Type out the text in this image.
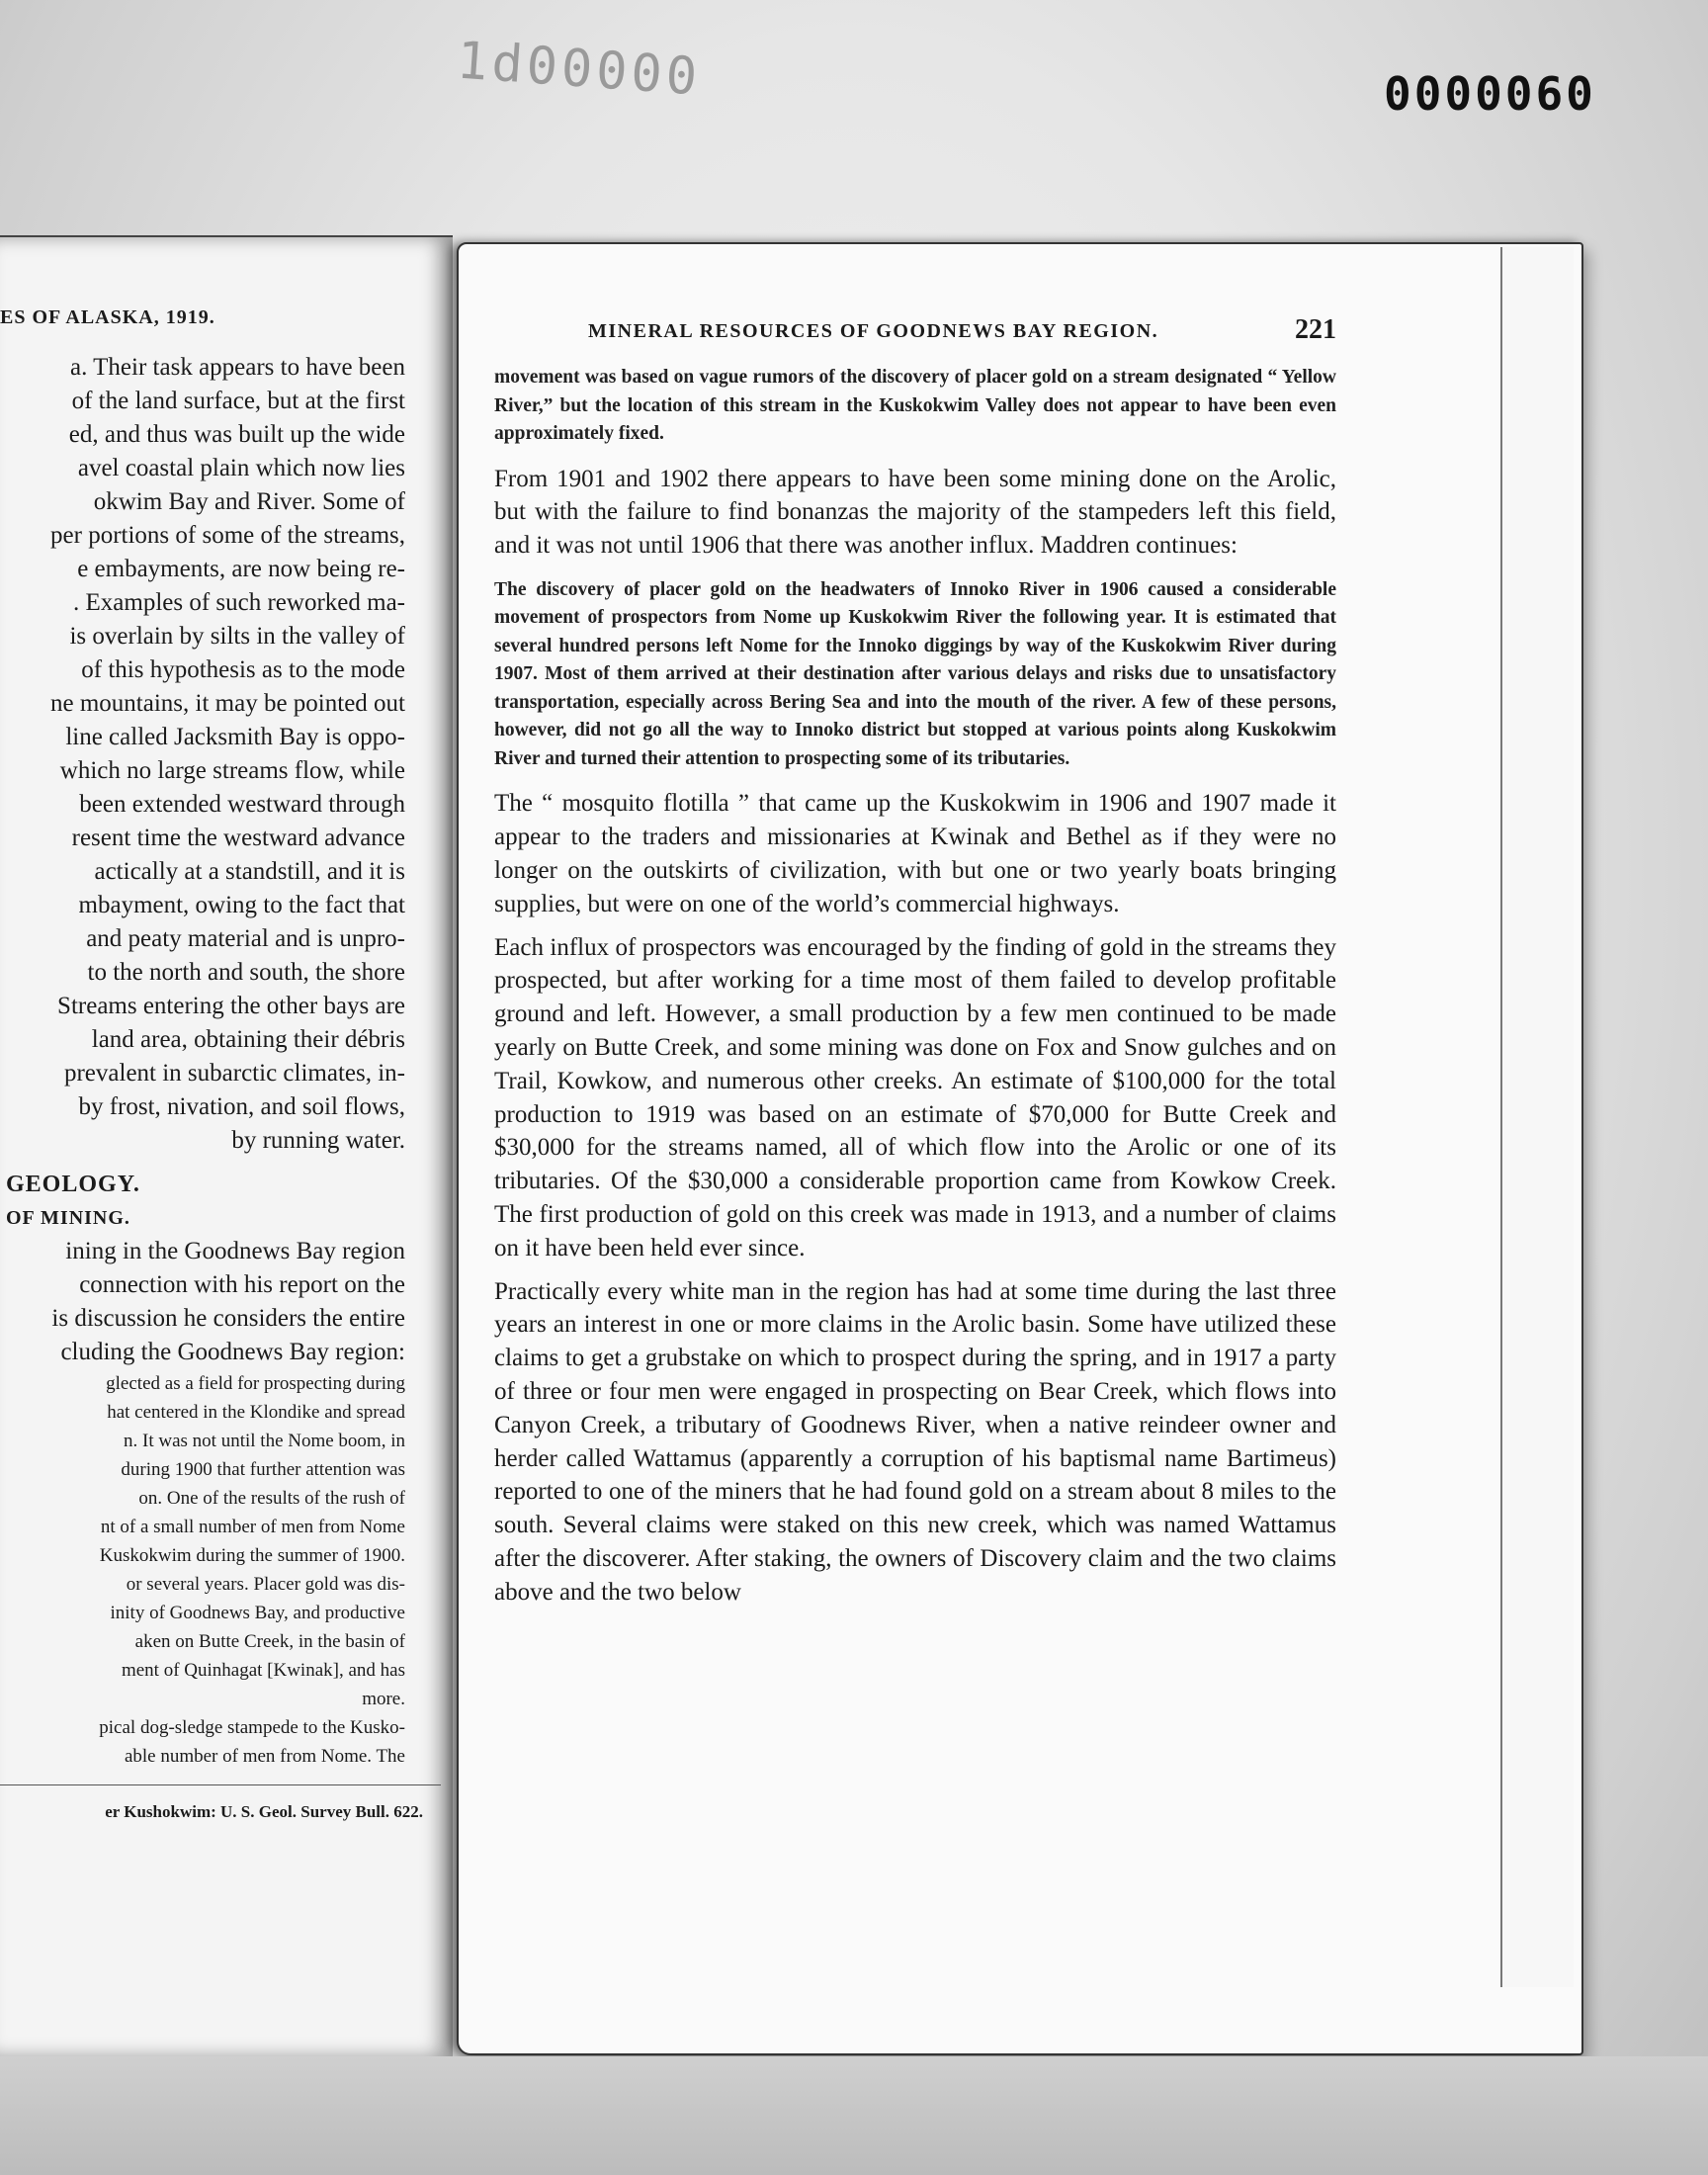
1d00000	0000060
ES OF ALASKA, 1919.
a. Their task appears to have been
of the land surface, but at the first
ed, and thus was built up the wide
avel coastal plain which now lies
okwim Bay and River. Some of
per portions of some of the streams,
e embayments, are now being re-
. Examples of such reworked ma-
is overlain by silts in the valley of
of this hypothesis as to the mode
ne mountains, it may be pointed out
line called Jacksmith Bay is oppo-
which no large streams flow, while
been extended westward through
resent time the westward advance
actically at a standstill, and it is
mbayment, owing to the fact that
and peaty material and is unpro-
to the north and south, the shore
Streams entering the other bays are
land area, obtaining their débris
prevalent in subarctic climates, in-
by frost, nivation, and soil flows,
by running water.
GEOLOGY.
OF MINING.
ining in the Goodnews Bay region
connection with his report on the
is discussion he considers the entire
cluding the Goodnews Bay region:
glected as a field for prospecting during
hat centered in the Klondike and spread
n. It was not until the Nome boom, in
during 1900 that further attention was
on. One of the results of the rush of
nt of a small number of men from Nome
Kuskokwim during the summer of 1900.
or several years. Placer gold was dis-
inity of Goodnews Bay, and productive
aken on Butte Creek, in the basin of
ment of Quinhagat [Kwinak], and has
more.
pical dog-sledge stampede to the Kusko-
able number of men from Nome. The
er Kushokwim: U. S. Geol. Survey Bull. 622.
MINERAL RESOURCES OF GOODNEWS BAY REGION.	221

movement was based on vague rumors of the discovery of placer gold on a stream designated “ Yellow River,” but the location of this stream in the Kuskokwim Valley does not appear to have been even approximately fixed.

From 1901 and 1902 there appears to have been some mining done on the Arolic, but with the failure to find bonanzas the majority of the stampeders left this field, and it was not until 1906 that there was another influx. Maddren continues:

The discovery of placer gold on the headwaters of Innoko River in 1906 caused a considerable movement of prospectors from Nome up Kuskokwim River the following year. It is estimated that several hundred persons left Nome for the Innoko diggings by way of the Kuskokwim River during 1907. Most of them arrived at their destination after various delays and risks due to unsatisfactory transportation, especially across Bering Sea and into the mouth of the river. A few of these persons, however, did not go all the way to Innoko district but stopped at various points along Kuskokwim River and turned their attention to prospecting some of its tributaries.

The “ mosquito flotilla ” that came up the Kuskokwim in 1906 and 1907 made it appear to the traders and missionaries at Kwinak and Bethel as if they were no longer on the outskirts of civilization, with but one or two yearly boats bringing supplies, but were on one of the world’s commercial highways.

Each influx of prospectors was encouraged by the finding of gold in the streams they prospected, but after working for a time most of them failed to develop profitable ground and left. However, a small production by a few men continued to be made yearly on Butte Creek, and some mining was done on Fox and Snow gulches and on Trail, Kowkow, and numerous other creeks. An estimate of $100,000 for the total production to 1919 was based on an estimate of $70,000 for Butte Creek and $30,000 for the streams named, all of which flow into the Arolic or one of its tributaries. Of the $30,000 a considerable proportion came from Kowkow Creek. The first production of gold on this creek was made in 1913, and a number of claims on it have been held ever since.

Practically every white man in the region has had at some time during the last three years an interest in one or more claims in the Arolic basin. Some have utilized these claims to get a grubstake on which to prospect during the spring, and in 1917 a party of three or four men were engaged in prospecting on Bear Creek, which flows into Canyon Creek, a tributary of Goodnews River, when a native reindeer owner and herder called Wattamus (apparently a corruption of his baptismal name Bartimeus) reported to one of the miners that he had found gold on a stream about 8 miles to the south. Several claims were staked on this new creek, which was named Wattamus after the discoverer. After staking, the owners of Discovery claim and the two claims above and the two below
